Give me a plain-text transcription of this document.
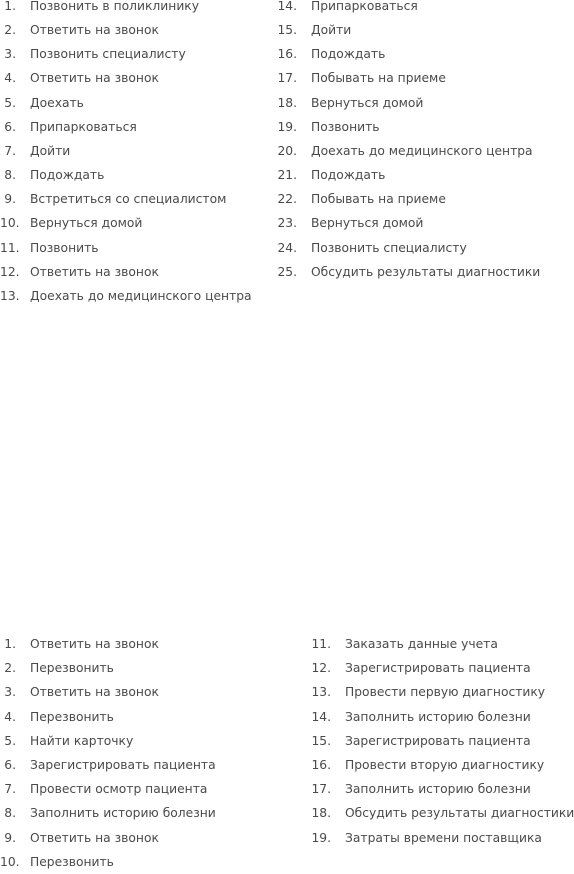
1. Позвонить в поликлинику
2. Ответить на звонок
3. Позвонить специалисту
4. Ответить на звонок
5. Доехать
6. Припарковаться
7. Дойти
8. Подождать
9. Встретиться со специалистом
10. Вернуться домой
11. Позвонить
12. Ответить на звонок
13. Доехать до медицинского центра
14. Припарковаться
15. Дойти
16. Подождать
17. Побывать на приеме
18. Вернуться домой
19. Позвонить
20. Доехать до медицинского центра
21. Подождать
22. Побывать на приеме
23. Вернуться домой
24. Позвонить специалисту
25. Обсудить результаты диагностики
1. Ответить на звонок
2. Перезвонить
3. Ответить на звонок
4. Перезвонить
5. Найти карточку
6. Зарегистрировать пациента
7. Провести осмотр пациента
8. Заполнить историю болезни
9. Ответить на звонок
10. Перезвонить
11. Заказать данные учета
12. Зарегистрировать пациента
13. Провести первую диагностику
14. Заполнить историю болезни
15. Зарегистрировать пациента
16. Провести вторую диагностику
17. Заполнить историю болезни
18. Обсудить результаты диагностики
19. Затраты времени поставщика
